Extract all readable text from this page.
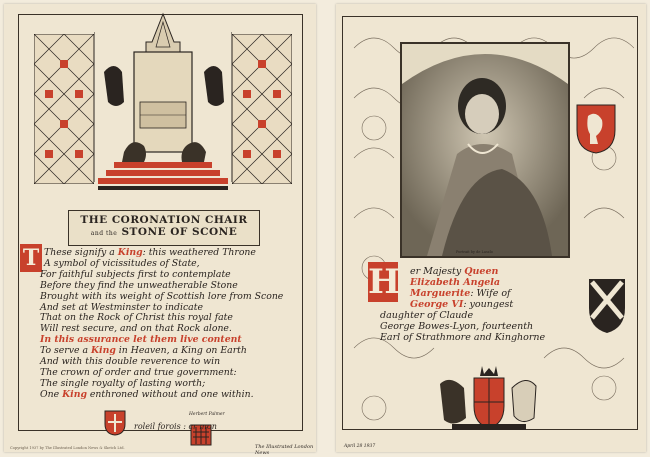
THE CORONATION CHAIR
and the STONE OF SCONE
T These signify a King: this weathered Throne
A symbol of vicissitudes of State,
For faithful subjects first to contemplate
Before they find the unweatherable Stone
Brought with its weight of Scottish lore from Scone
And set at Westminster to indicate
That on the Rock of Christ this royal fate
Will rest secure, and on that Rock alone.
In this assurance let them live content
To serve a King in Heaven, a King on Earth
And with this double reverence to win
The crown of order and true government:
The single royalty of lasting worth;
One King enthroned without and one within.
roleil forois : cr mon
Herbert Palmer
Copyright 1937 by The Illustrated London News & Sketch Ltd.	The Illustrated London News
Portrait by de Laszlo
H	er Majesty Queen
Elizabeth Angela
Marguerite: Wife of
George VI: youngest
daughter of Claude
George Bowes-Lyon, fourteenth
Earl of Strathmore and Kinghorne
April 28 1937
